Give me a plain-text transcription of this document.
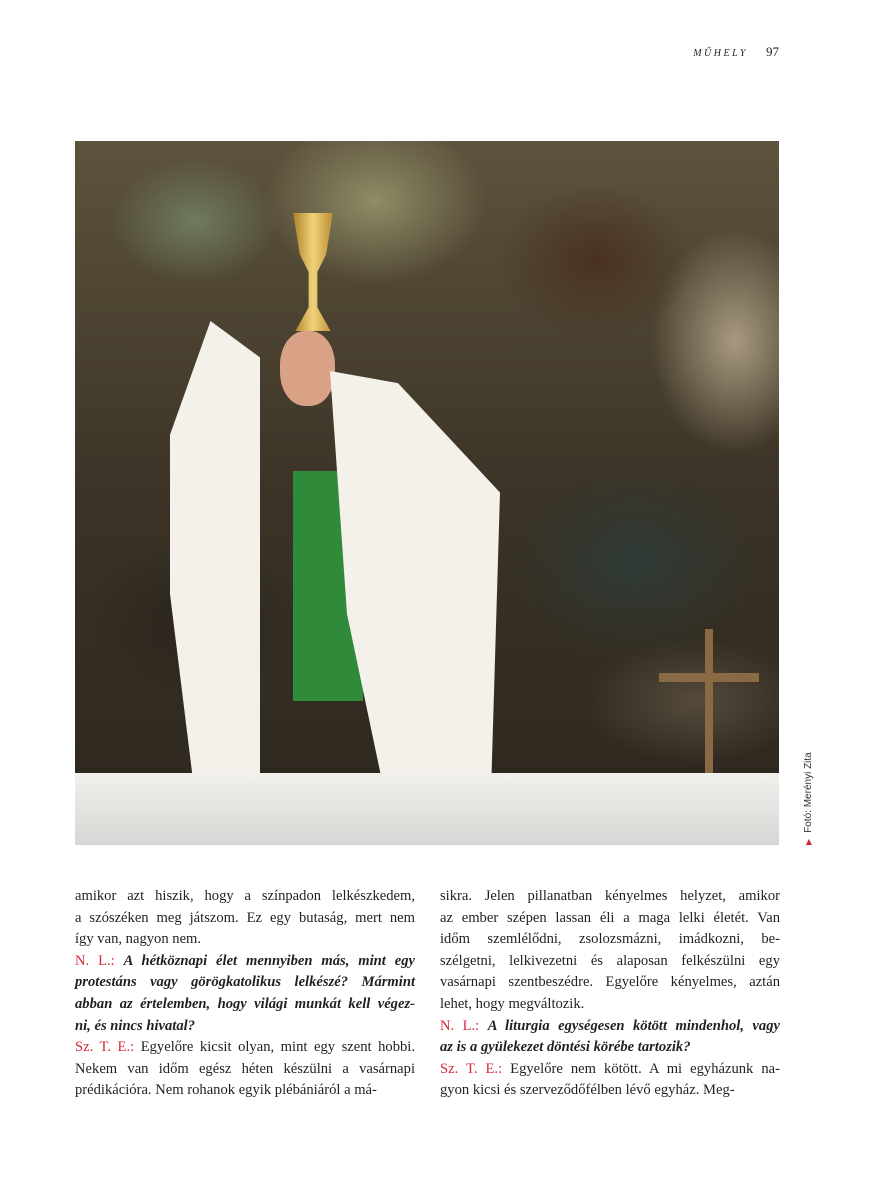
MŰHELY 97
▶Fotó: Merényi Zita
amikor azt hiszik, hogy a színpadon lelkészkedem,
a szószéken meg játszom. Ez egy butaság, mert nem
így van, nagyon nem.
N. L.: A hétköznapi élet mennyiben más, mint egy
protestáns vagy görögkatolikus lelkészé? Mármint
abban az értelemben, hogy világi munkát kell végez-
ni, és nincs hivatal?
Sz. T. E.: Egyelőre kicsit olyan, mint egy szent hobbi.
Nekem van időm egész héten készülni a vasárnapi
prédikációra. Nem rohanok egyik plébániáról a má-
sikra. Jelen pillanatban kényelmes helyzet, amikor
az ember szépen lassan éli a maga lelki életét. Van
időm szemlélődni, zsolozsmázni, imádkozni, be-
szélgetni, lelkivezetni és alaposan felkészülni egy
vasárnapi szentbeszédre. Egyelőre kényelmes, aztán
lehet, hogy megváltozik.
N. L.: A liturgia egységesen kötött mindenhol, vagy
az is a gyülekezet döntési körébe tartozik?
Sz. T. E.: Egyelőre nem kötött. A mi egyházunk na-
gyon kicsi és szerveződőfélben lévő egyház. Meg-
